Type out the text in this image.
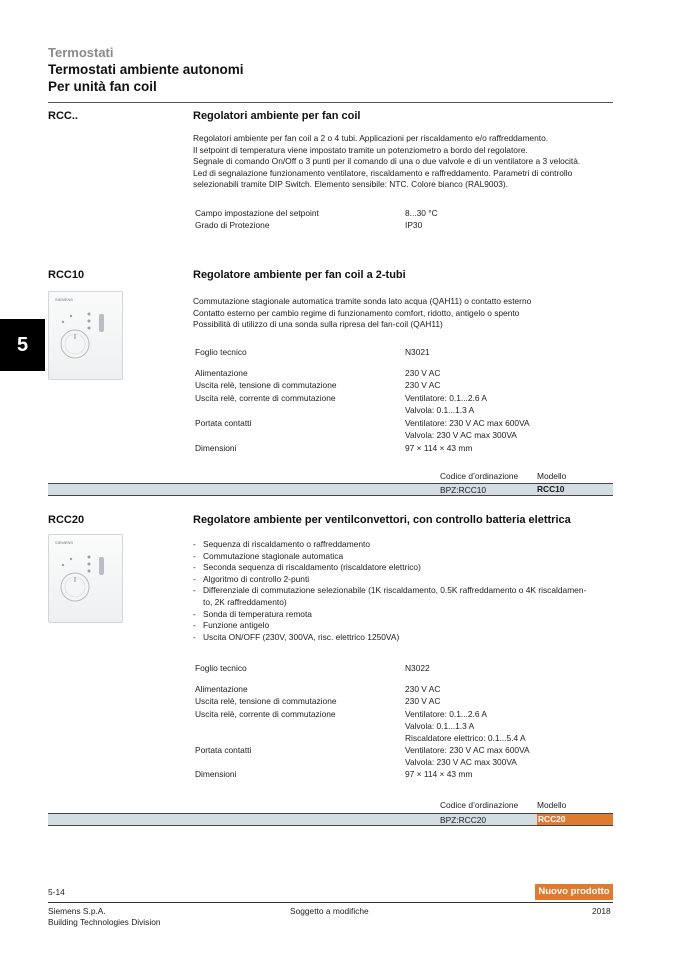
Termostati
Termostati ambiente autonomi
Per unità fan coil
5
RCC..	Regolatori ambiente per fan coil
Regolatori ambiente per fan coil a 2 o 4 tubi. Applicazioni per riscaldamento e/o raffreddamento.
Il setpoint di temperatura viene impostato tramite un potenziometro a bordo del regolatore.
Segnale di comando On/Off o 3 punti per il comando di una o due valvole e di un ventilatore a 3 velocità.
Led di segnalazione funzionamento ventilatore, riscaldamento e raffreddamento. Parametri di controllo
selezionabili tramite DIP Switch. Elemento sensibile: NTC. Colore bianco (RAL9003).
Campo impostazione del setpoint	8...30 °C
Grado di Protezione	IP30
RCC10	Regolatore ambiente per fan coil a 2-tubi
SIEMENS	Commutazione stagionale automatica tramite sonda lato acqua (QAH11) o contatto esterno
Contatto esterno per cambio regime di funzionamento comfort, ridotto, antigelo o spento
Possibilità di utilizzo di una sonda sulla ripresa del fan-coil (QAH11)
Foglio tecnico	N3021
Alimentazione	230 V AC
Uscita relè, tensione di commutazione	230 V AC
Uscita relè, corrente di commutazione	Ventilatore: 0.1...2.6 A
Valvola: 0.1...1.3 A
Portata contatti	Ventilatore: 230 V AC max 600VA
Valvola: 230 V AC max 300VA
Dimensioni	97 × 114 × 43 mm
Codice d’ordinazione Modello
BPZ:RCC10	RCC10
RCC20	Regolatore ambiente per ventilconvettori, con controllo batteria elettrica
SIEMENS
-	Sequenza di riscaldamento o raffreddamento
- Commutazione stagionale automatica
- Seconda sequenza di riscaldamento (riscaldatore elettrico)
- Algoritmo di controllo 2-punti
- Differenziale di commutazione selezionabile (1K riscaldamento, 0.5K raffreddamento o 4K riscaldamen-
to, 2K raffreddamento)
- Sonda di temperatura remota
- Funzione antigelo
- Uscita ON/OFF (230V, 300VA, risc. elettrico 1250VA)
Foglio tecnico	N3022
Alimentazione	230 V AC
Uscita relè, tensione di commutazione	230 V AC
Uscita relè, corrente di commutazione	Ventilatore: 0.1...2.6 A
Valvola: 0.1...1.3 A
Riscaldatore elettrico: 0.1...5.4 A
Portata contatti	Ventilatore: 230 V AC max 600VA
Valvola: 230 V AC max 300VA
Dimensioni	97 × 114 × 43 mm
Codice d’ordinazione Modello
BPZ:RCC20	RCC20
5-14	Nuovo prodotto
Siemens S.p.A.
Building Technologies Division
Soggetto a modifiche	2018
